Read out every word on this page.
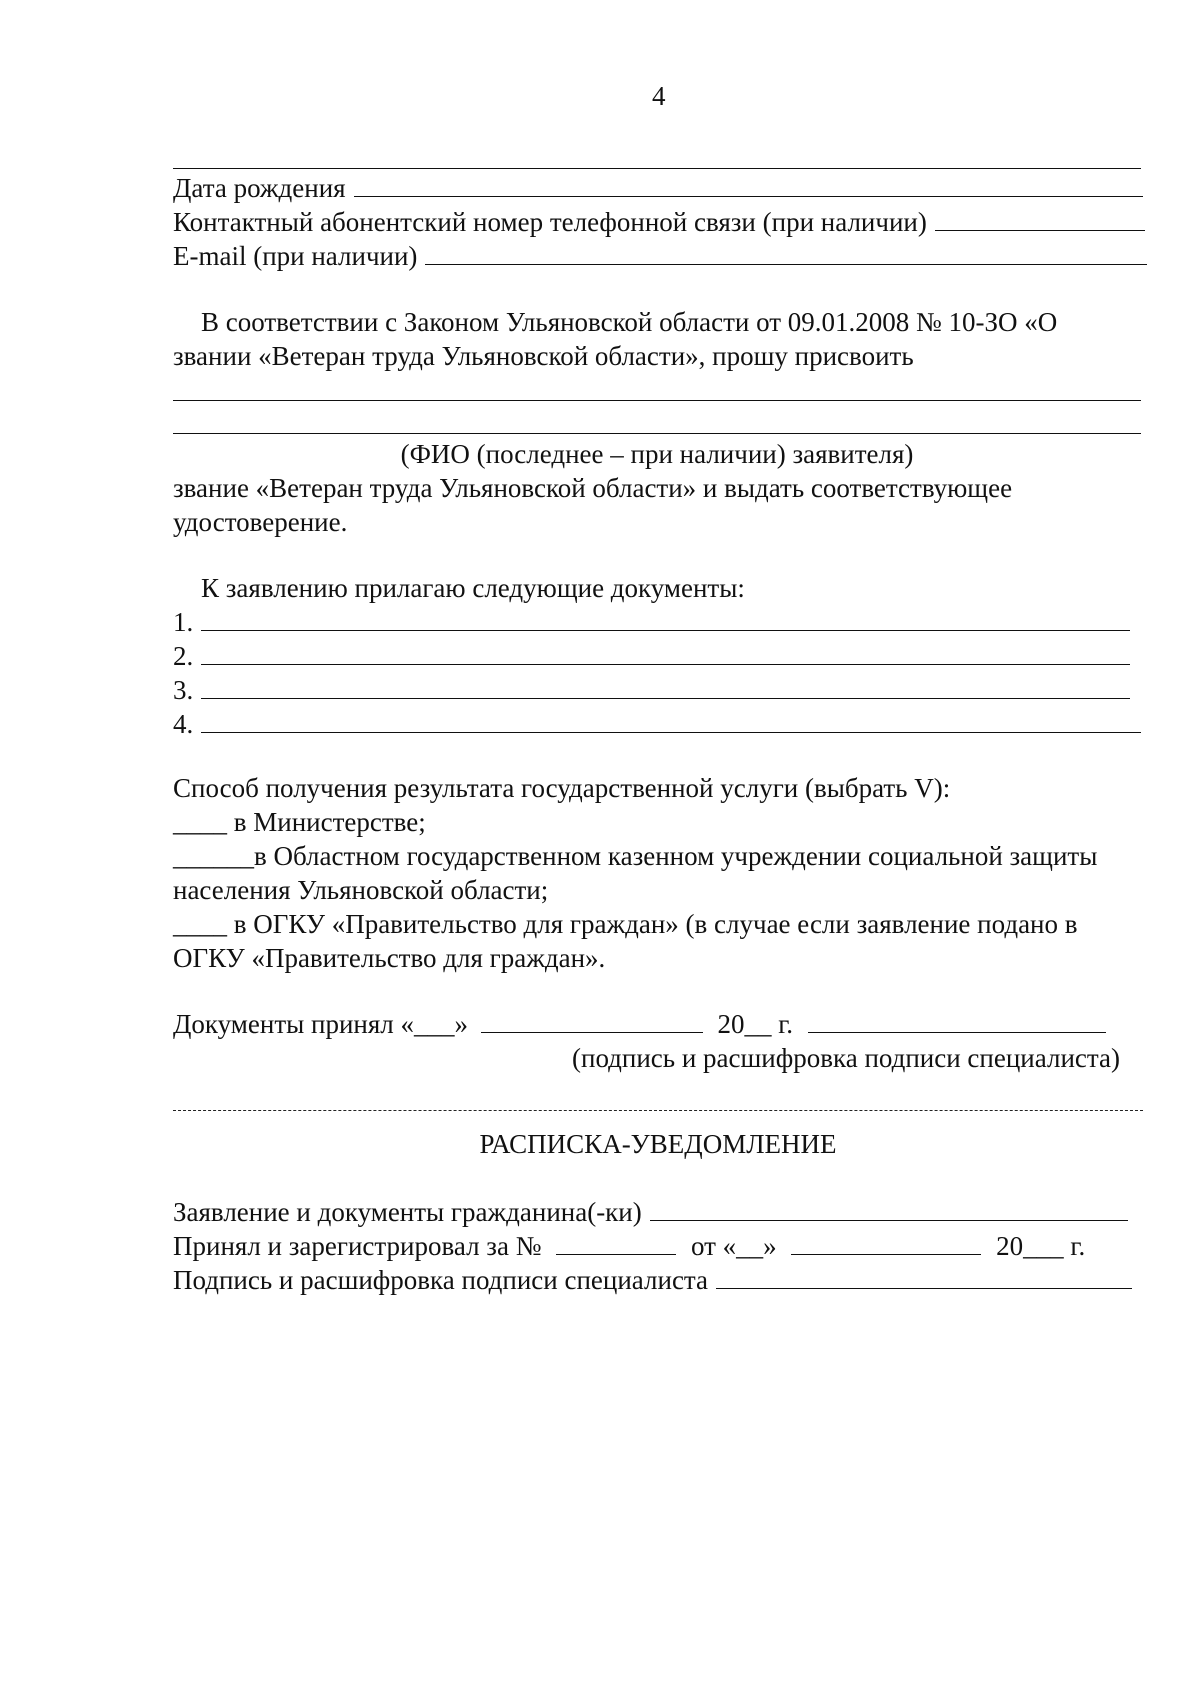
4
Дата рождения
Контактный абонентский номер телефонной связи (при наличии)
E-mail (при наличии)
В соответствии с Законом Ульяновской области от 09.01.2008 № 10-ЗО «О
звании «Ветеран труда Ульяновской области», прошу присвоить
(ФИО (последнее – при наличии) заявителя)
звание «Ветеран труда Ульяновской области» и выдать соответствующее
удостоверение.
К заявлению прилагаю следующие документы:
1.
2.
3.
4.
Способ получения результата государственной услуги (выбрать V):
____ в Министерстве;
______в Областном государственном казенном учреждении социальной защиты
населения Ульяновской области;
____ в ОГКУ «Правительство для граждан» (в случае если заявление подано в
ОГКУ «Правительство для граждан».
Документы принял «___»	20__ г.
(подпись и расшифровка подписи специалиста)
РАСПИСКА-УВЕДОМЛЕНИЕ
Заявление и документы гражданина(-ки)
Принял и зарегистрировал за №	от «__»	20___ г.
Подпись и расшифровка подписи специалиста
